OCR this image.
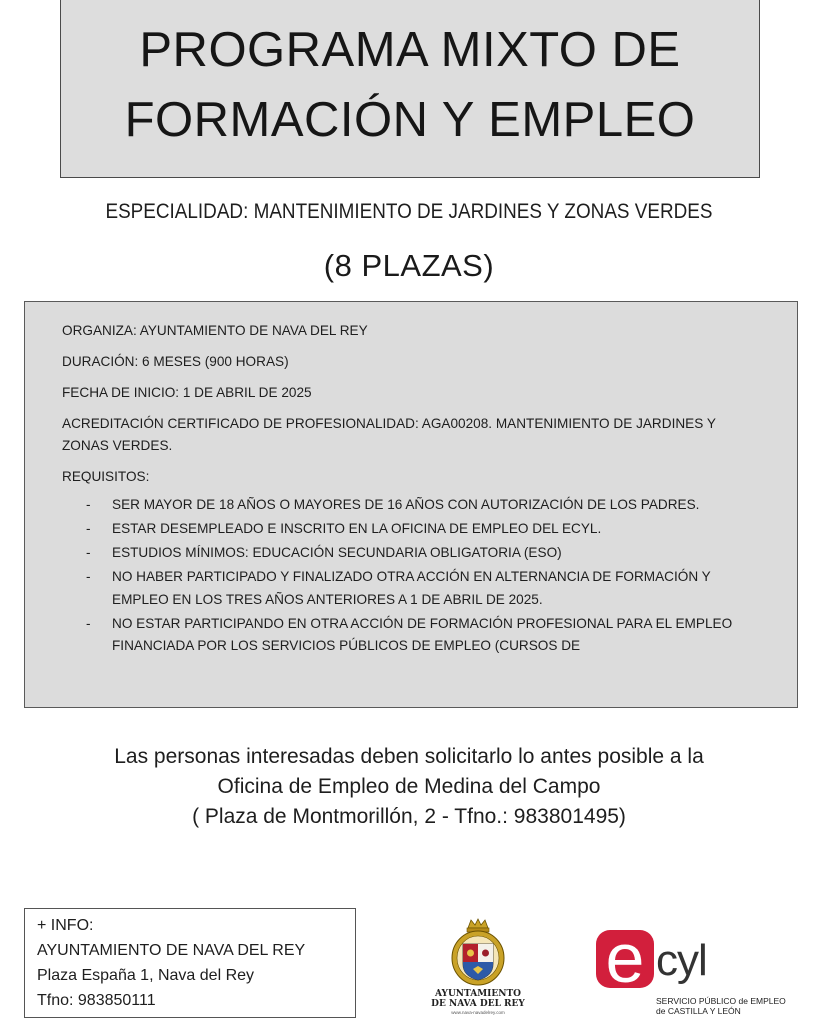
PROGRAMA MIXTO DE
FORMACIÓN Y EMPLEO
ESPECIALIDAD: MANTENIMIENTO DE JARDINES Y ZONAS VERDES
(8 PLAZAS)

ORGANIZA: AYUNTAMIENTO DE NAVA DEL REY

DURACIÓN: 6 MESES (900 HORAS)

FECHA DE INICIO: 1 DE ABRIL DE 2025

ACREDITACIÓN CERTIFICADO DE PROFESIONALIDAD: AGA00208. MANTENIMIENTO DE JARDINES Y ZONAS VERDES.

REQUISITOS:

- SER MAYOR DE 18 AÑOS O MAYORES DE 16 AÑOS CON AUTORIZACIÓN DE LOS PADRES.
- ESTAR DESEMPLEADO E INSCRITO EN LA OFICINA DE EMPLEO DEL ECYL.
- ESTUDIOS MÍNIMOS: EDUCACIÓN SECUNDARIA OBLIGATORIA (ESO)
- NO HABER PARTICIPADO Y FINALIZADO OTRA ACCIÓN EN ALTERNANCIA DE FORMACIÓN Y EMPLEO EN LOS TRES AÑOS ANTERIORES A 1 DE ABRIL DE 2025.
- NO ESTAR PARTICIPANDO EN OTRA ACCIÓN DE FORMACIÓN PROFESIONAL PARA EL EMPLEO FINANCIADA POR LOS SERVICIOS PÚBLICOS DE EMPLEO (CURSOS DE
Las personas interesadas deben solicitarlo lo antes posible a la
Oficina de Empleo de Medina del Campo
( Plaza de Montmorillón, 2 - Tfno.: 983801495)
+ INFO:
AYUNTAMIENTO DE NAVA DEL REY
Plaza España 1, Nava del Rey
Tfno: 983850111	AYUNTAMIENTO
DE NAVA DEL REY
www.nava-navadelrey.com
e cyl
SERVICIO PÚBLICO de EMPLEO
de CASTILLA Y LEÓN
